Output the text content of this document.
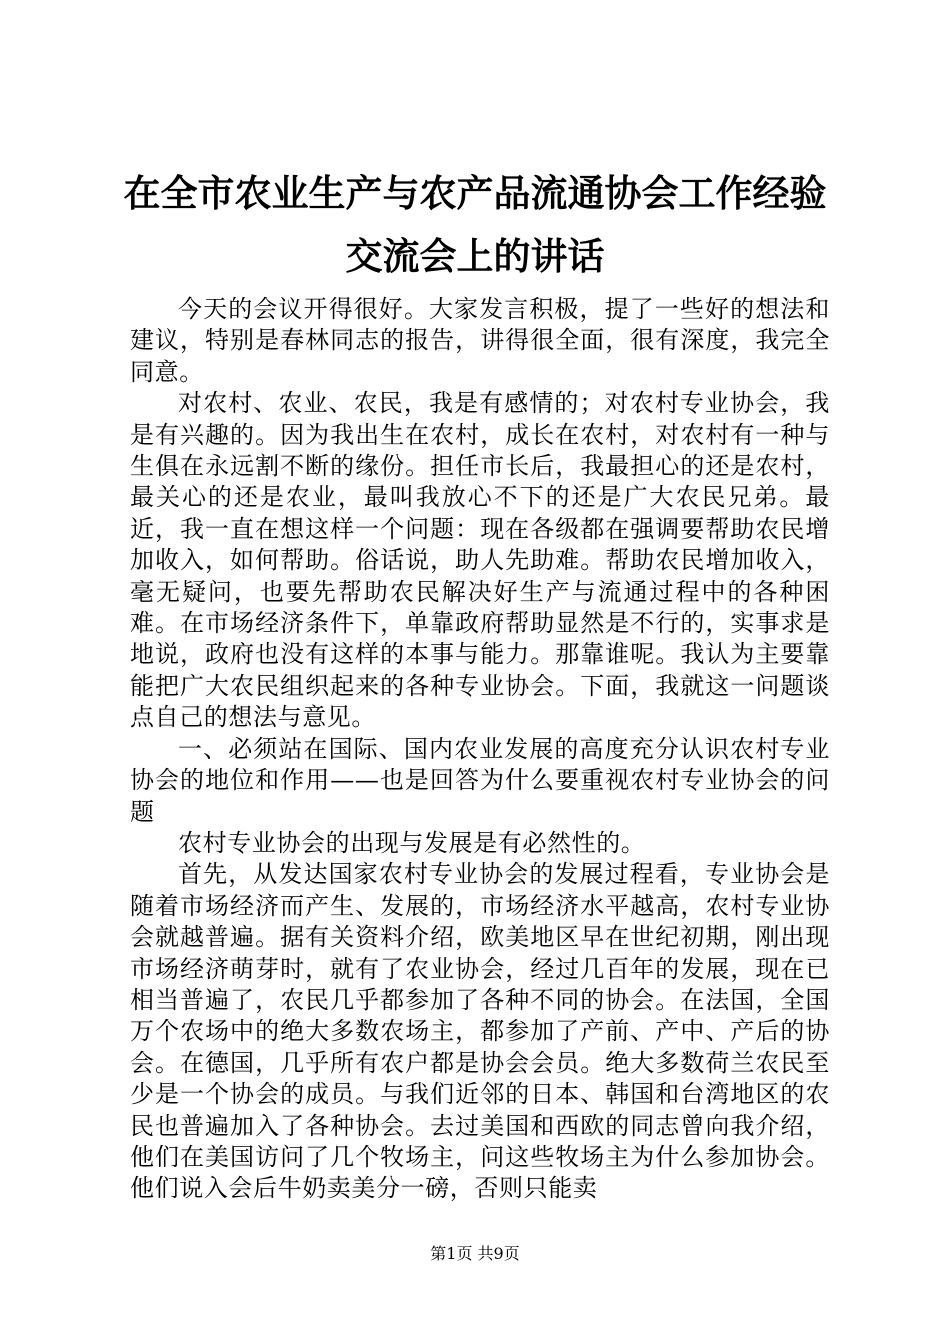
在全市农业生产与农产品流通协会工作经验交流会上的讲话

今天的会议开得很好。大家发言积极，提了一些好的想法和建议，特别是春林同志的报告，讲得很全面，很有深度，我完全同意。

对农村、农业、农民，我是有感情的；对农村专业协会，我是有兴趣的。因为我出生在农村，成长在农村，对农村有一种与生俱在永远割不断的缘份。担任市长后，我最担心的还是农村，最关心的还是农业，最叫我放心不下的还是广大农民兄弟。最近，我一直在想这样一个问题：现在各级都在强调要帮助农民增加收入，如何帮助。俗话说，助人先助难。帮助农民增加收入，毫无疑问，也要先帮助农民解决好生产与流通过程中的各种困难。在市场经济条件下，单靠政府帮助显然是不行的，实事求是地说，政府也没有这样的本事与能力。那靠谁呢。我认为主要靠能把广大农民组织起来的各种专业协会。下面，我就这一问题谈点自己的想法与意见。

一、必须站在国际、国内农业发展的高度充分认识农村专业协会的地位和作用——也是回答为什么要重视农村专业协会的问题

农村专业协会的出现与发展是有必然性的。

首先，从发达国家农村专业协会的发展过程看，专业协会是随着市场经济而产生、发展的，市场经济水平越高，农村专业协会就越普遍。据有关资料介绍，欧美地区早在世纪初期，刚出现市场经济萌芽时，就有了农业协会，经过几百年的发展，现在已相当普遍了，农民几乎都参加了各种不同的协会。在法国，全国万个农场中的绝大多数农场主，都参加了产前、产中、产后的协会。在德国，几乎所有农户都是协会会员。绝大多数荷兰农民至少是一个协会的成员。与我们近邻的日本、韩国和台湾地区的农民也普遍加入了各种协会。去过美国和西欧的同志曾向我介绍，他们在美国访问了几个牧场主，问这些牧场主为什么参加协会。他们说入会后牛奶卖美分一磅，否则只能卖

第1页 共9页
